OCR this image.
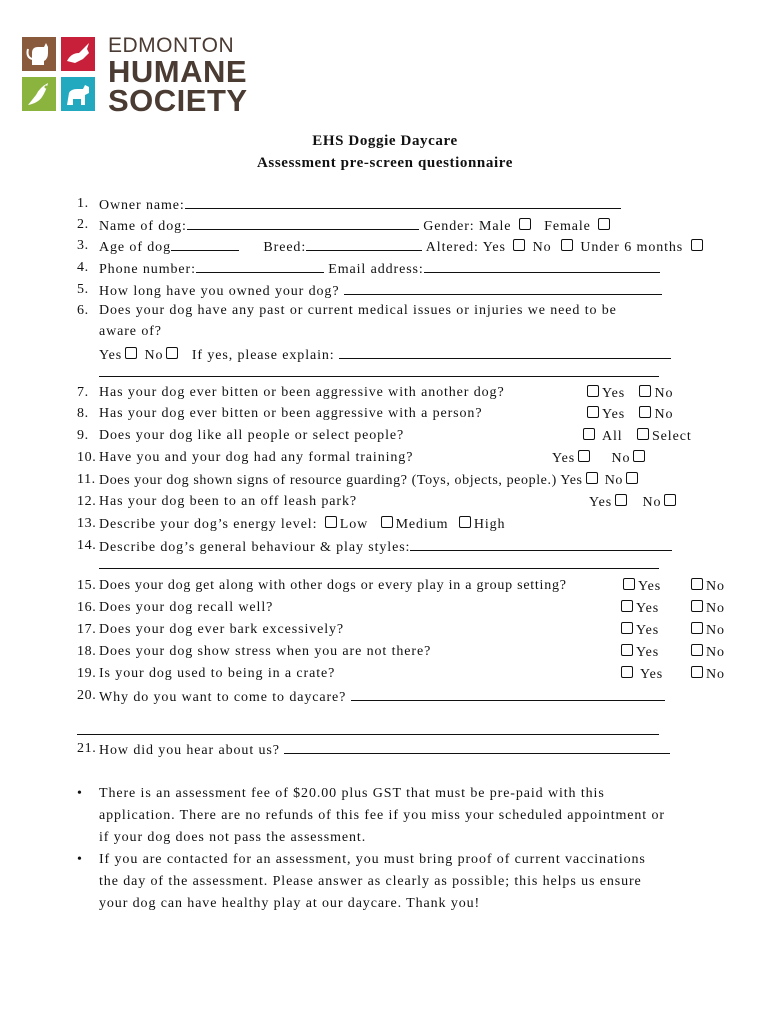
EDMONTON
HUMANE
SOCIETY
EHS Doggie Daycare
Assessment pre-screen questionnaire
1. Owner name:
2. Name of dog:	Gender: Male Female
3. Age of dog	Breed:	Altered: Yes No Under 6 months
4. Phone number:	Email address:
5. How long have you owned your dog?
6. Does your dog have any past or current medical issues or injuries we need to be
aware of?
Yes No If yes, please explain:
7. Has your dog ever bitten or been aggressive with another dog?	Yes No
8. Has your dog ever bitten or been aggressive with a person?	Yes No
9. Does your dog like all people or select people?	All Select
10. Have you and your dog had any formal training?	Yes	No
11. Does your dog shown signs of resource guarding? (Toys, objects, people.) Yes No
12. Has your dog been to an off leash park?	Yes No
13. Describe your dog’s energy level: Low Medium High
14. Describe dog’s general behaviour & play styles:
15. Does your dog get along with other dogs or every play in a group setting?	Yes	No
16. Does your dog recall well?	Yes	No
17. Does your dog ever bark excessively?	Yes	No
18. Does your dog show stress when you are not there?	Yes	No
19. Is your dog used to being in a crate?	Yes	No
20. Why do you want to come to daycare?
21. How did you hear about us?
• There is an assessment fee of $20.00 plus GST that must be pre-paid with this
application. There are no refunds of this fee if you miss your scheduled appointment or
if your dog does not pass the assessment.
• If you are contacted for an assessment, you must bring proof of current vaccinations
the day of the assessment. Please answer as clearly as possible; this helps us ensure
your dog can have healthy play at our daycare. Thank you!
